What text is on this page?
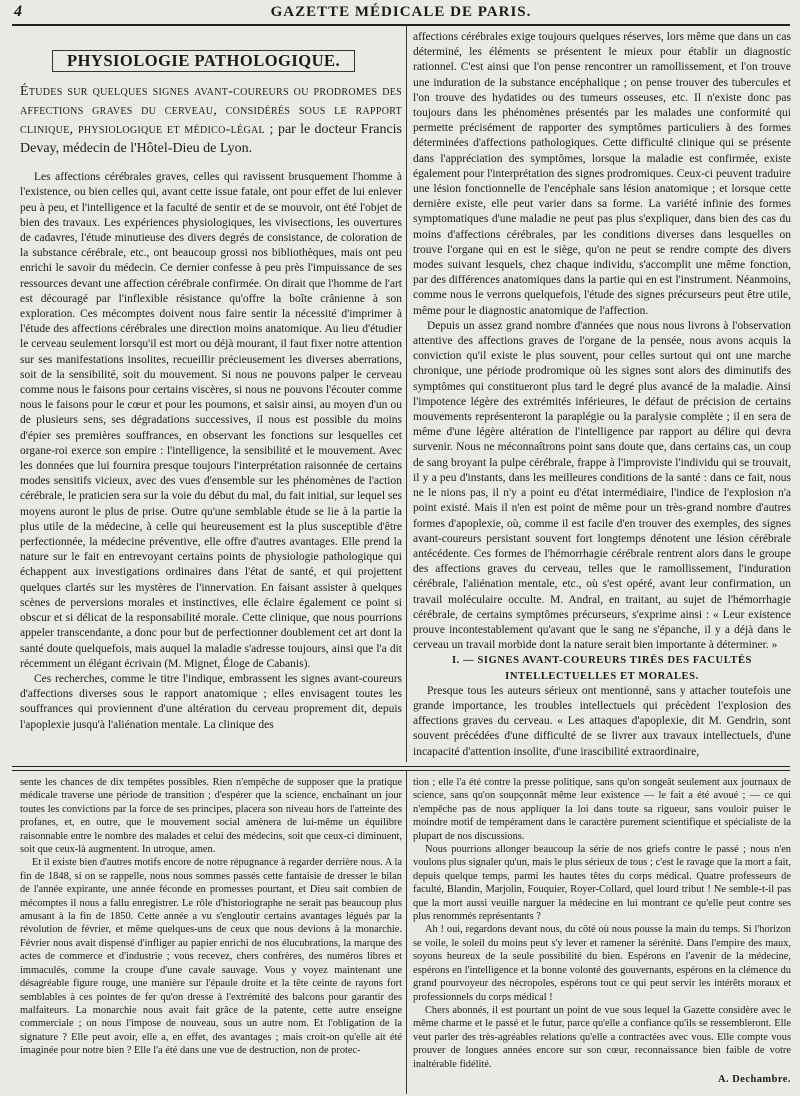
4	GAZETTE MÉDICALE DE PARIS.
PHYSIOLOGIE PATHOLOGIQUE.

Études sur quelques signes avant-coureurs ou prodromes des affections graves du cerveau, considérés sous le rapport clinique, physiologique et médico-légal ; par le docteur Francis Devay, médecin de l'Hôtel-Dieu de Lyon.

Les affections cérébrales graves, celles qui ravissent brusquement l'homme à l'existence, ou bien celles qui, avant cette issue fatale, ont pour effet de lui enlever peu à peu, et l'intelligence et la faculté de sentir et de se mouvoir, ont été l'objet de bien des travaux. Les expériences physiologiques, les vivisections, les ouvertures de cadavres, l'étude minutieuse des divers degrés de consistance, de coloration de la substance cérébrale, etc., ont beaucoup grossi nos bibliothèques, mais ont peu enrichi le savoir du médecin. Ce dernier confesse à peu près l'impuissance de ses ressources devant une affection cérébrale confirmée. On dirait que l'homme de l'art est découragé par l'inflexible résistance qu'offre la boîte crânienne à son exploration. Ces mécomptes doivent nous faire sentir la nécessité d'imprimer à l'étude des affections cérébrales une direction moins anatomique. Au lieu d'étudier le cerveau seulement lorsqu'il est mort ou déjà mourant, il faut fixer notre attention sur ses manifestations insolites, recueillir précieusement les diverses aberrations, soit de la sensibilité, soit du mouvement. Si nous ne pouvons palper le cerveau comme nous le faisons pour certains viscères, si nous ne pouvons l'écouter comme nous le faisons pour le cœur et pour les poumons, et saisir ainsi, au moyen d'un ou de plusieurs sens, ses dégradations successives, il nous est possible du moins d'épier ses premières souffrances, en observant les fonctions sur lesquelles cet organe-roi exerce son empire : l'intelligence, la sensibilité et le mouvement. Avec les données que lui fournira presque toujours l'interprétation raisonnée de certains modes sensitifs vicieux, avec des vues d'ensemble sur les phénomènes de l'action cérébrale, le praticien sera sur la voie du début du mal, du fait initial, sur lequel ses moyens auront le plus de prise. Outre qu'une semblable étude se lie à la partie la plus utile de la médecine, à celle qui heureusement est la plus susceptible d'être perfectionnée, la médecine préventive, elle offre d'autres avantages. Elle prend la nature sur le fait en entrevoyant certains points de physiologie pathologique qui échappent aux investigations ordinaires dans l'état de santé, et qui projettent quelques clartés sur les mystères de l'innervation. En faisant assister à quelques scènes de perversions morales et instinctives, elle éclaire également ce point si obscur et si délicat de la responsabilité morale. Cette clinique, que nous pourrions appeler transcendante, a donc pour but de perfectionner doublement cet art dont la santé doute quelquefois, mais auquel la maladie s'adresse toujours, ainsi que l'a dit récemment un élégant écrivain (M. Mignet, Éloge de Cabanis).

Ces recherches, comme le titre l'indique, embrassent les signes avant-coureurs d'affections diverses sous le rapport anatomique ; elles envisagent toutes les souffrances qui proviennent d'une altération du cerveau proprement dit, depuis l'apoplexie jusqu'à l'aliénation mentale. La clinique des

affections cérébrales exige toujours quelques réserves, lors même que dans un cas déterminé, les éléments se présentent le mieux pour établir un diagnostic rationnel. C'est ainsi que l'on pense rencontrer un ramollissement, et l'on trouve une induration de la substance encéphalique ; on pense trouver des tubercules et l'on trouve des hydatides ou des tumeurs osseuses, etc. Il n'existe donc pas toujours dans les phénomènes présentés par les malades une conformité qui permette précisément de rapporter des symptômes particuliers à des formes déterminées d'affections pathologiques. Cette difficulté clinique qui se présente dans l'appréciation des symptômes, lorsque la maladie est confirmée, existe également pour l'interprétation des signes prodromiques. Ceux-ci peuvent traduire une lésion fonctionnelle de l'encéphale sans lésion anatomique ; et lorsque cette dernière existe, elle peut varier dans sa forme. La variété infinie des formes symptomatiques d'une maladie ne peut pas plus s'expliquer, dans bien des cas du moins d'affections cérébrales, par les conditions diverses dans lesquelles on trouve l'organe qui en est le siège, qu'on ne peut se rendre compte des divers modes suivant lesquels, chez chaque individu, s'accomplit une même fonction, par des différences anatomiques dans la partie qui en est l'instrument. Néanmoins, comme nous le verrons quelquefois, l'étude des signes précurseurs peut être utile, même pour le diagnostic anatomique de l'affection.

Depuis un assez grand nombre d'années que nous nous livrons à l'observation attentive des affections graves de l'organe de la pensée, nous avons acquis la conviction qu'il existe le plus souvent, pour celles surtout qui ont une marche chronique, une période prodromique où les signes sont alors des diminutifs des symptômes qui constitueront plus tard le degré plus avancé de la maladie. Ainsi l'impotence légère des extrémités inférieures, le défaut de précision de certains mouvements représenteront la paraplégie ou la paralysie complète ; il en sera de même d'une légère altération de l'intelligence par rapport au délire qui devra survenir. Nous ne méconnaîtrons point sans doute que, dans certains cas, un coup de sang broyant la pulpe cérébrale, frappe à l'improviste l'individu qui se trouvait, il y a peu d'instants, dans les meilleures conditions de la santé : dans ce fait, nous ne le nions pas, il n'y a point eu d'état intermédiaire, l'indice de l'explosion n'a point existé. Mais il n'en est point de même pour un très-grand nombre d'autres formes d'apoplexie, où, comme il est facile d'en trouver des exemples, des signes avant-coureurs persistant souvent fort longtemps dénotent une lésion cérébrale antécédente. Ces formes de l'hémorrhagie cérébrale rentrent alors dans le groupe des affections graves du cerveau, telles que le ramollissement, l'induration cérébrale, l'aliénation mentale, etc., où s'est opéré, avant leur confirmation, un travail moléculaire occulte. M. Andral, en traitant, au sujet de l'hémorrhagie cérébrale, de certains symptômes précurseurs, s'exprime ainsi : « Leur existence prouve incontestablement qu'avant que le sang ne s'épanche, il y a déjà dans le cerveau un travail morbide dont la nature serait bien importante à déterminer. »

I. — SIGNES AVANT-COUREURS TIRÉS DES FACULTÉS INTELLECTUELLES ET MORALES.

Presque tous les auteurs sérieux ont mentionné, sans y attacher toutefois une grande importance, les troubles intellectuels qui précèdent l'explosion des affections graves du cerveau. « Les attaques d'apoplexie, dit M. Gendrin, sont souvent précédées d'une difficulté de se livrer aux travaux intellectuels, d'une incapacité d'attention insolite, d'une irascibilité extraordinaire,

sente les chances de dix tempêtes possibles. Rien n'empêche de supposer que la pratique médicale traverse une période de transition ; d'espérer que la science, enchaînant un jour toutes les convictions par la force de ses principes, placera son niveau hors de l'atteinte des profanes, et, en outre, que le mouvement social amènera de lui-même un équilibre raisonnable entre le nombre des malades et celui des médecins, soit que ceux-ci diminuent, soit que ceux-là augmentent. In utroque, amen.

Et il existe bien d'autres motifs encore de notre répugnance à regarder derrière nous. A la fin de 1848, si on se rappelle, nous nous sommes passés cette fantaisie de dresser le bilan de l'année expirante, une année féconde en promesses pourtant, et Dieu sait combien de mécomptes il nous a fallu enregistrer. Le rôle d'historiographe ne serait pas beaucoup plus amusant à la fin de 1850. Cette année a vu s'engloutir certains avantages légués par la révolution de février, et même quelques-uns de ceux que nous devions à la monarchie. Février nous avait dispensé d'infliger au papier enrichi de nos élucubrations, la marque des actes de commerce et d'industrie ; vous recevez, chers confrères, des numéros libres et immaculés, comme la croupe d'une cavale sauvage. Vous y voyez maintenant une désagréable figure rouge, une manière sur l'épaule droite et la tête ceinte de rayons fort semblables à ces pointes de fer qu'on dresse à l'extrémité des balcons pour garantir des malfaiteurs. La monarchie nous avait fait grâce de la patente, cette autre enseigne commerciale ; on nous l'impose de nouveau, sous un autre nom. Et l'obligation de la signature ? Elle peut avoir, elle a, en effet, des avantages ; mais croit-on qu'elle ait été imaginée pour notre bien ? Elle l'a été dans une vue de destruction, non de protec-

tion ; elle l'a été contre la presse politique, sans qu'on songeât seulement aux journaux de science, sans qu'on soupçonnât même leur existence — le fait a été avoué ; — ce qui n'empêche pas de nous appliquer la loi dans toute sa rigueur, sans vouloir puiser le moindre motif de tempérament dans le caractère purement scientifique et spécialiste de la plupart de nos discussions.

Nous pourrions allonger beaucoup la série de nos griefs contre le passé ; nous n'en voulons plus signaler qu'un, mais le plus sérieux de tous ; c'est le ravage que la mort a fait, depuis quelque temps, parmi les hautes têtes du corps médical. Quatre professeurs de faculté, Blandin, Marjolin, Fouquier, Royer-Collard, quel lourd tribut ! Ne semble-t-il pas que la mort aussi veuille narguer la médecine en lui montrant ce qu'elle peut contre ses plus renommés représentants ?

Ah ! oui, regardons devant nous, du côté où nous pousse la main du temps. Si l'horizon se voile, le soleil du moins peut s'y lever et ramener la sérénité. Dans l'empire des maux, soyons heureux de la seule possibilité du bien. Espérons en l'avenir de la médecine, espérons en l'intelligence et la bonne volonté des gouvernants, espérons en la clémence du grand pourvoyeur des nécropoles, espérons tout ce qui peut servir les intérêts moraux et professionnels du corps médical !

Chers abonnés, il est pourtant un point de vue sous lequel la Gazette considère avec le même charme et le passé et le futur, parce qu'elle a confiance qu'ils se ressembleront. Elle veut parler des très-agréables relations qu'elle a contractées avec vous. Elle compte vous prouver de longues années encore sur son cœur, reconnaissance bien faible de votre inaltérable fidélité.

A. Dechambre.
